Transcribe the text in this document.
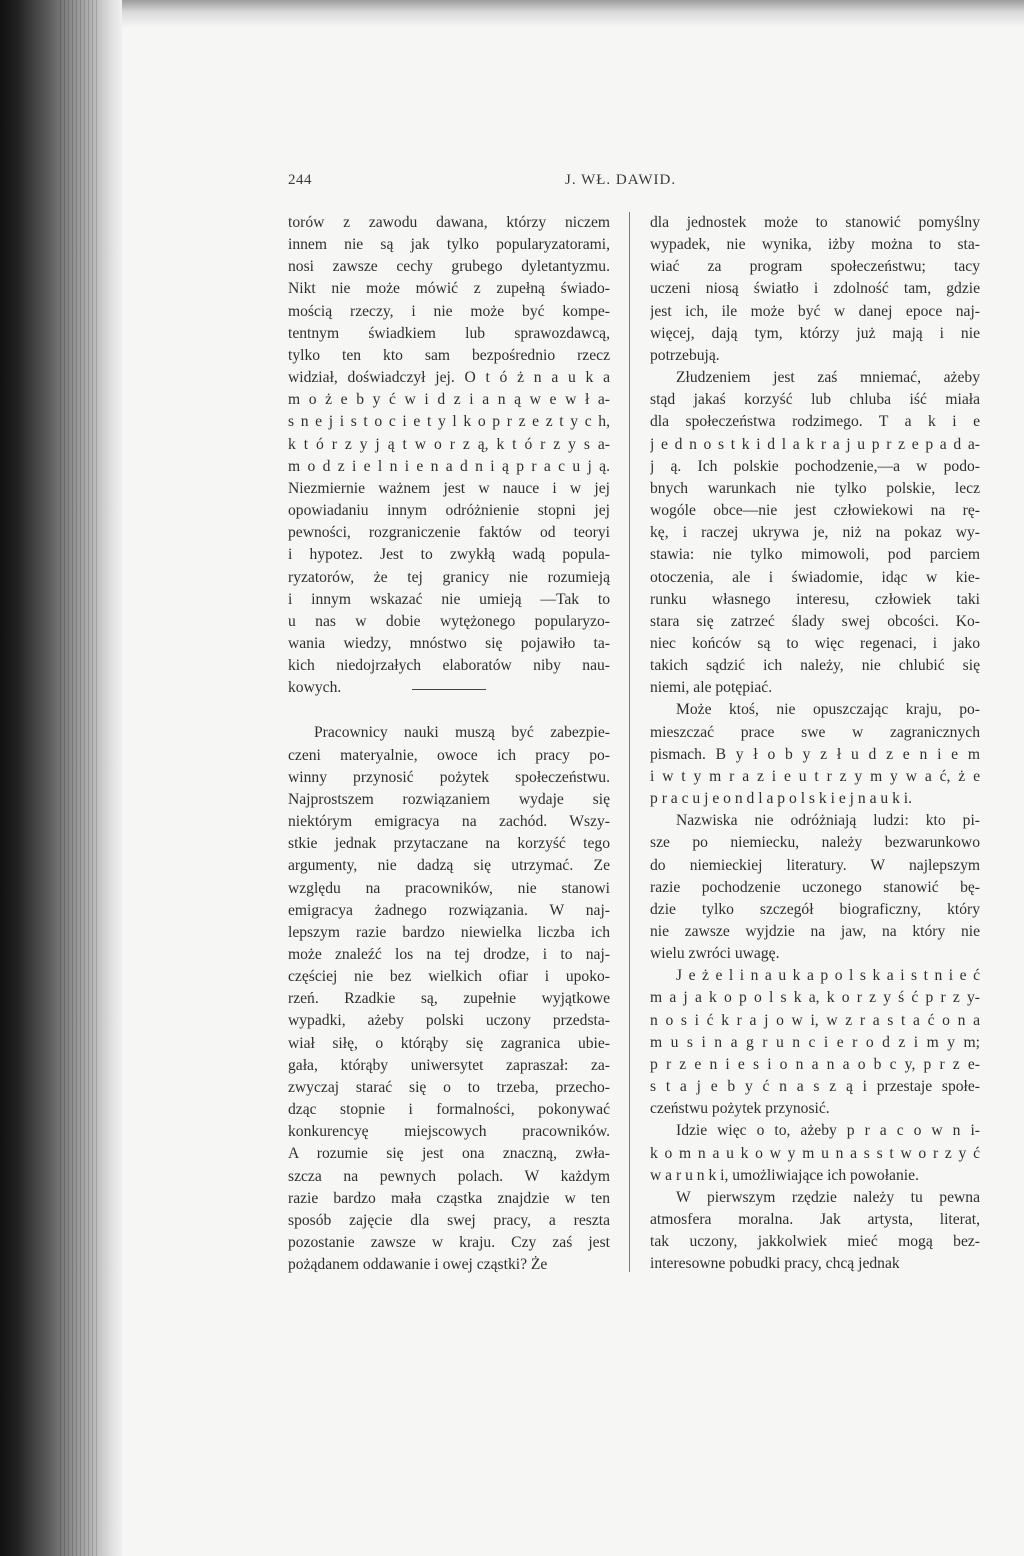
244	J. WŁ. DAWID.
torów z zawodu dawana, którzy niczem
innem nie są jak tylko popularyzatorami,
nosi zawsze cechy grubego dyletantyzmu.
Nikt nie może mówić z zupełną świado-
mością rzeczy, i nie może być kompe-
tentnym świadkiem lub sprawozdawcą,
tylko ten kto sam bezpośrednio rzecz
widział, doświadczył jej. O t ó ż n a u k a
m o ż e b y ć w i d z i a n ą w e w ł a-
s n e j i s t o c i e t y l k o p r z e z t y c h,
k t ó r z y j ą t w o r z ą, k t ó r z y s a-
m o d z i e l n i e n a d n i ą p r a c u j ą.
Niezmiernie ważnem jest w nauce i w jej
opowiadaniu innym odróżnienie stopni jej
pewności, rozgraniczenie faktów od teoryi
i hypotez. Jest to zwykłą wadą popula-
ryzatorów, że tej granicy nie rozumieją
i innym wskazać nie umieją —Tak to
u nas w dobie wytężonego popularyzo-
wania wiedzy, mnóstwo się pojawiło ta-
kich niedojrzałych elaboratów niby nau-
kowych.
Pracownicy nauki muszą być zabezpie-
czeni materyalnie, owoce ich pracy po-
winny przynosić pożytek społeczeństwu.
Najprostszem rozwiązaniem wydaje się
niektórym emigracya na zachód. Wszy-
stkie jednak przytaczane na korzyść tego
argumenty, nie dadzą się utrzymać. Ze
względu na pracowników, nie stanowi
emigracya żadnego rozwiązania. W naj-
lepszym razie bardzo niewielka liczba ich
może znaleźć los na tej drodze, i to naj-
częściej nie bez wielkich ofiar i upoko-
rzeń. Rzadkie są, zupełnie wyjątkowe
wypadki, ażeby polski uczony przedsta-
wiał siłę, o którąby się zagranica ubie-
gała, którąby uniwersytet zapraszał: za-
zwyczaj starać się o to trzeba, przecho-
dząc stopnie i formalności, pokonywać
konkurencyę miejscowych pracowników.
A rozumie się jest ona znaczną, zwła-
szcza na pewnych polach. W każdym
razie bardzo mała cząstka znajdzie w ten
sposób zajęcie dla swej pracy, a reszta
pozostanie zawsze w kraju. Czy zaś jest
pożądanem oddawanie i owej cząstki? Że
dla jednostek może to stanowić pomyślny
wypadek, nie wynika, iżby można to sta-
wiać za program społeczeństwu; tacy
uczeni niosą światło i zdolność tam, gdzie
jest ich, ile może być w danej epoce naj-
więcej, dają tym, którzy już mają i nie
potrzebują.
Złudzeniem jest zaś mniemać, ażeby
stąd jakaś korzyść lub chluba iść miała
dla społeczeństwa rodzimego. T a k i e
j e d n o s t k i d l a k r a j u p r z e p a d a-
j ą. Ich polskie pochodzenie,—a w podo-
bnych warunkach nie tylko polskie, lecz
wogóle obce—nie jest człowiekowi na rę-
kę, i raczej ukrywa je, niż na pokaz wy-
stawia: nie tylko mimowoli, pod parciem
otoczenia, ale i świadomie, idąc w kie-
runku własnego interesu, człowiek taki
stara się zatrzeć ślady swej obcości. Ko-
niec końców są to więc regenaci, i jako
takich sądzić ich należy, nie chlubić się
niemi, ale potępiać.
Może ktoś, nie opuszczając kraju, po-
mieszczać prace swe w zagranicznych
pismach. B y ł o b y z ł u d z e n i e m
i w t y m r a z i e u t r z y m y w a ć, ż e
p r a c u j e o n d l a p o l s k i e j n a u k i.
Nazwiska nie odróżniają ludzi: kto pi-
sze po niemiecku, należy bezwarunkowo
do niemieckiej literatury. W najlepszym
razie pochodzenie uczonego stanowić bę-
dzie tylko szczegół biograficzny, który
nie zawsze wyjdzie na jaw, na który nie
wielu zwróci uwagę.
J e ż e l i n a u k a p o l s k a i s t n i e ć
m a j a k o p o l s k a, k o r z y ś ć p r z y-
n o s i ć k r a j o w i, w z r a s t a ć o n a
m u s i n a g r u n c i e r o d z i m y m;
p r z e n i e s i o n a n a o b c y, p r z e-
s t a j e b y ć n a s z ą i przestaje społe-
czeństwu pożytek przynosić.
Idzie więc o to, ażeby p r a c o w n i-
k o m n a u k o w y m u n a s s t w o r z y ć
w a r u n k i, umożliwiające ich powołanie.
W pierwszym rzędzie należy tu pewna
atmosfera moralna. Jak artysta, literat,
tak uczony, jakkolwiek mieć mogą bez-
interesowne pobudki pracy, chcą jednak
